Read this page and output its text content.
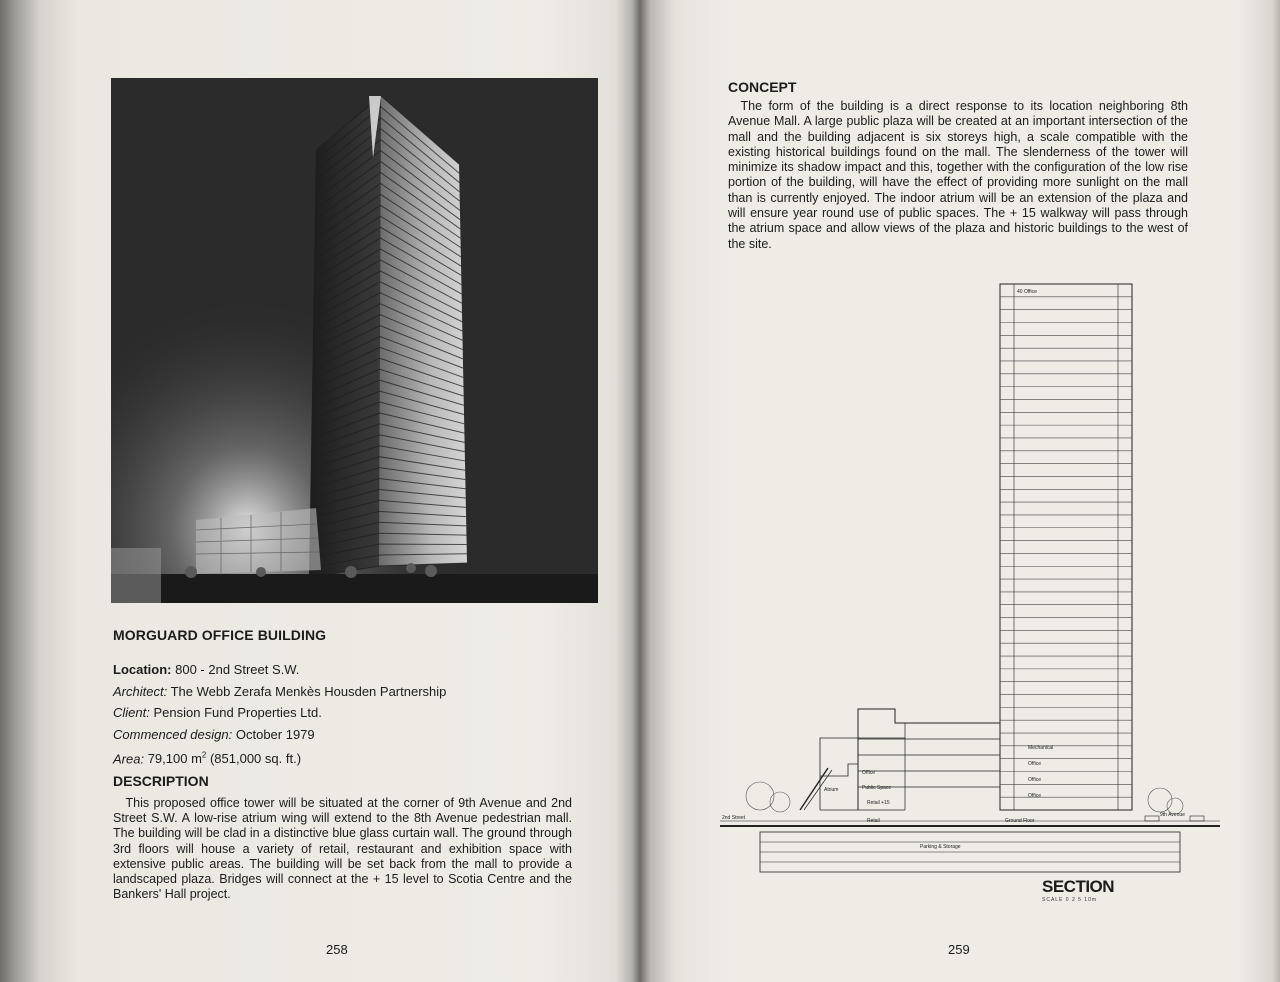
MORGUARD OFFICE BUILDING
Location: 800 - 2nd Street S.W.
Architect: The Webb Zerafa Menkès Housden Partnership
Client: Pension Fund Properties Ltd.
Commenced design: October 1979
Area: 79,100 $m^2$ (851,000 sq. ft.)
DESCRIPTION
 This proposed office tower will be situated at the corner of 9th Avenue and 2nd Street S.W. A low-rise atrium wing will extend to the 8th Avenue pedestrian mall. The building will be clad in a distinctive blue glass curtain wall. The ground through 3rd floors will house a variety of retail, restaurant and exhibition space with extensive public areas. The building will be set back from the mall to provide a landscaped plaza. Bridges will connect at the + 15 level to Scotia Centre and the Bankers' Hall project.
258
CONCEPT
 The form of the building is a direct response to its location neighboring 8th Avenue Mall. A large public plaza will be created at an important intersection of the mall and the building adjacent is six storeys high, a scale compatible with the existing historical buildings found on the mall. The slenderness of the tower will minimize its shadow impact and this, together with the configuration of the low rise portion of the building, will have the effect of providing more sunlight on the mall than is currently enjoyed. The indoor atrium will be an extension of the plaza and will ensure year round use of public spaces. The + 15 walkway will pass through the atrium space and allow views of the plaza and historic buildings to the west of the site.
40 Office
Mechanical
Office
Office
Office
Office
Public Space
Retail +15
Retail
Atrium
Ground Floor
Parking & Storage
2nd Street	9th Avenue
SECTION
SCALE 0 2 5 10m
259
